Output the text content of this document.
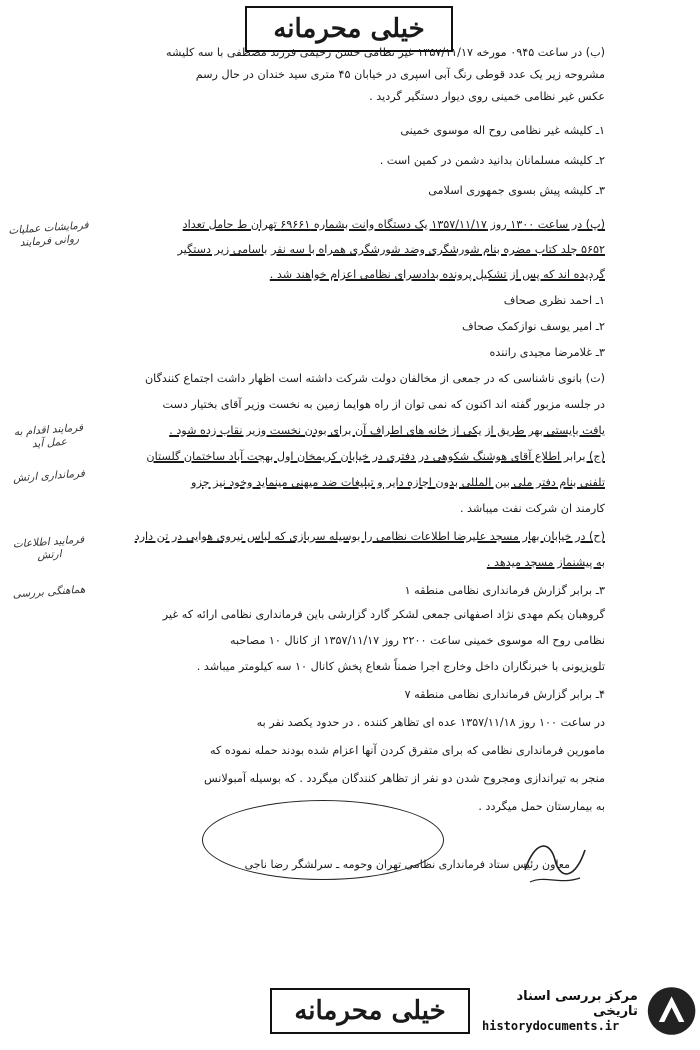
خیلی محرمانه
(ب) در ساعت ۰۹۴۵ مورخه ۱۳۵۷/۱۱/۱۷ غیر نظامی حسن رحیمی فرزند مصطفی با سه کلیشه
مشروحه زیر یک عدد قوطی رنگ آبی اسپری در خیابان ۴۵ متری سید خندان در حال رسم
عکس غیر نظامی خمینی روی دیوار دستگیر گردید .
۱ـ کلیشه غیر نظامی روح اله موسوی خمینی
۲ـ کلیشه مسلمانان بدانید دشمن در کمین است .
۳ـ کلیشه پیش بسوی جمهوری اسلامی
(پ) در ساعت ۱۳۰۰ روز ۱۳۵۷/۱۱/۱۷ یک دستگاه وانت بشماره ۶۹۶۶۱ تهران ط حامل تعداد
۵۶۵۲ جلد کتاب مضره بنام شورشگری وضد شورشگری همراه با سه نفر باسامی زیر دستگیر
گردیده اند که پس از تشکیل پرونده بدادسرای نظامی اعزام خواهند شد .
۱ـ احمد نظری صحاف
۲ـ امیر یوسف نوازکمک صحاف
۳ـ غلامرضا مجیدی راننده
(ت) بانوی ناشناسی که در جمعی از مخالفان دولت شرکت داشته است اظهار داشت اجتماع کنندگان
در جلسه مزبور گفته اند اکنون که نمی توان از راه هوایما زمین به نخست وزیر آقای بختیار دست
یافت بایستی بهر طریق از یکی از خانه های اطراف آن برای بودن نخست وزیر نقاب زده شود .
(ج) برابر اطلاع آقای هوشنگ شکوهی در دفتری در خیابان کریمخان اول بهجت آباد ساختمان گلستان
تلفنی بنام دفتر ملی بین المللی بدون اجازه دایر و تبلیغات ضد میهنی مینماید وخود نیز جزو
کارمند ان شرکت نفت میباشد .
(ح) در خیابان بهار مسجد علیرضا اطلاعات نظامی را بوسیله سربازی که لباس نیروی هوایی در تن دارد
به پیشنماز مسجد میدهد .
۳ـ برابر گزارش فرمانداری نظامی منطقه ۱
گروهبان یکم مهدی نژاد اصفهانی جمعی لشکر گارد گزارشی باین فرمانداری نظامی ارائه که غیر
نظامی روح اله موسوی خمینی ساعت ۲۲۰۰ روز ۱۳۵۷/۱۱/۱۷ از کانال ۱۰ مصاحبه
تلویزیونی با خبرنگاران داخل وخارج اجرا ضمناً شعاع پخش کانال ۱۰ سه کیلومتر میباشد .
۴ـ برابر گزارش فرمانداری نظامی منطقه ۷
در ساعت ۱۰۰ روز ۱۳۵۷/۱۱/۱۸ عده ای تظاهر کننده . در حدود یکصد نفر به
مامورین فرمانداری نظامی که برای متفرق کردن آنها اعزام شده بودند حمله نموده که
منجر به تیراندازی ومجروح شدن دو نفر از تظاهر کنندگان میگردد . که بوسیله آمبولانس
به بیمارستان حمل میگردد .
فرمایشات عملیات روانی فرمایند
فرمایند اقدام به عمل آید
فرمانداری ارتش
فرمایید اطلاعات ارتش
هماهنگی بررسی
معاون رئیس ستاد فرمانداری نظامی تهران وحومه ـ سرلشگر رضا ناجی
خیلی محرمانه	مرکز بررسی اسناد تاریخی
historydocuments.ir
